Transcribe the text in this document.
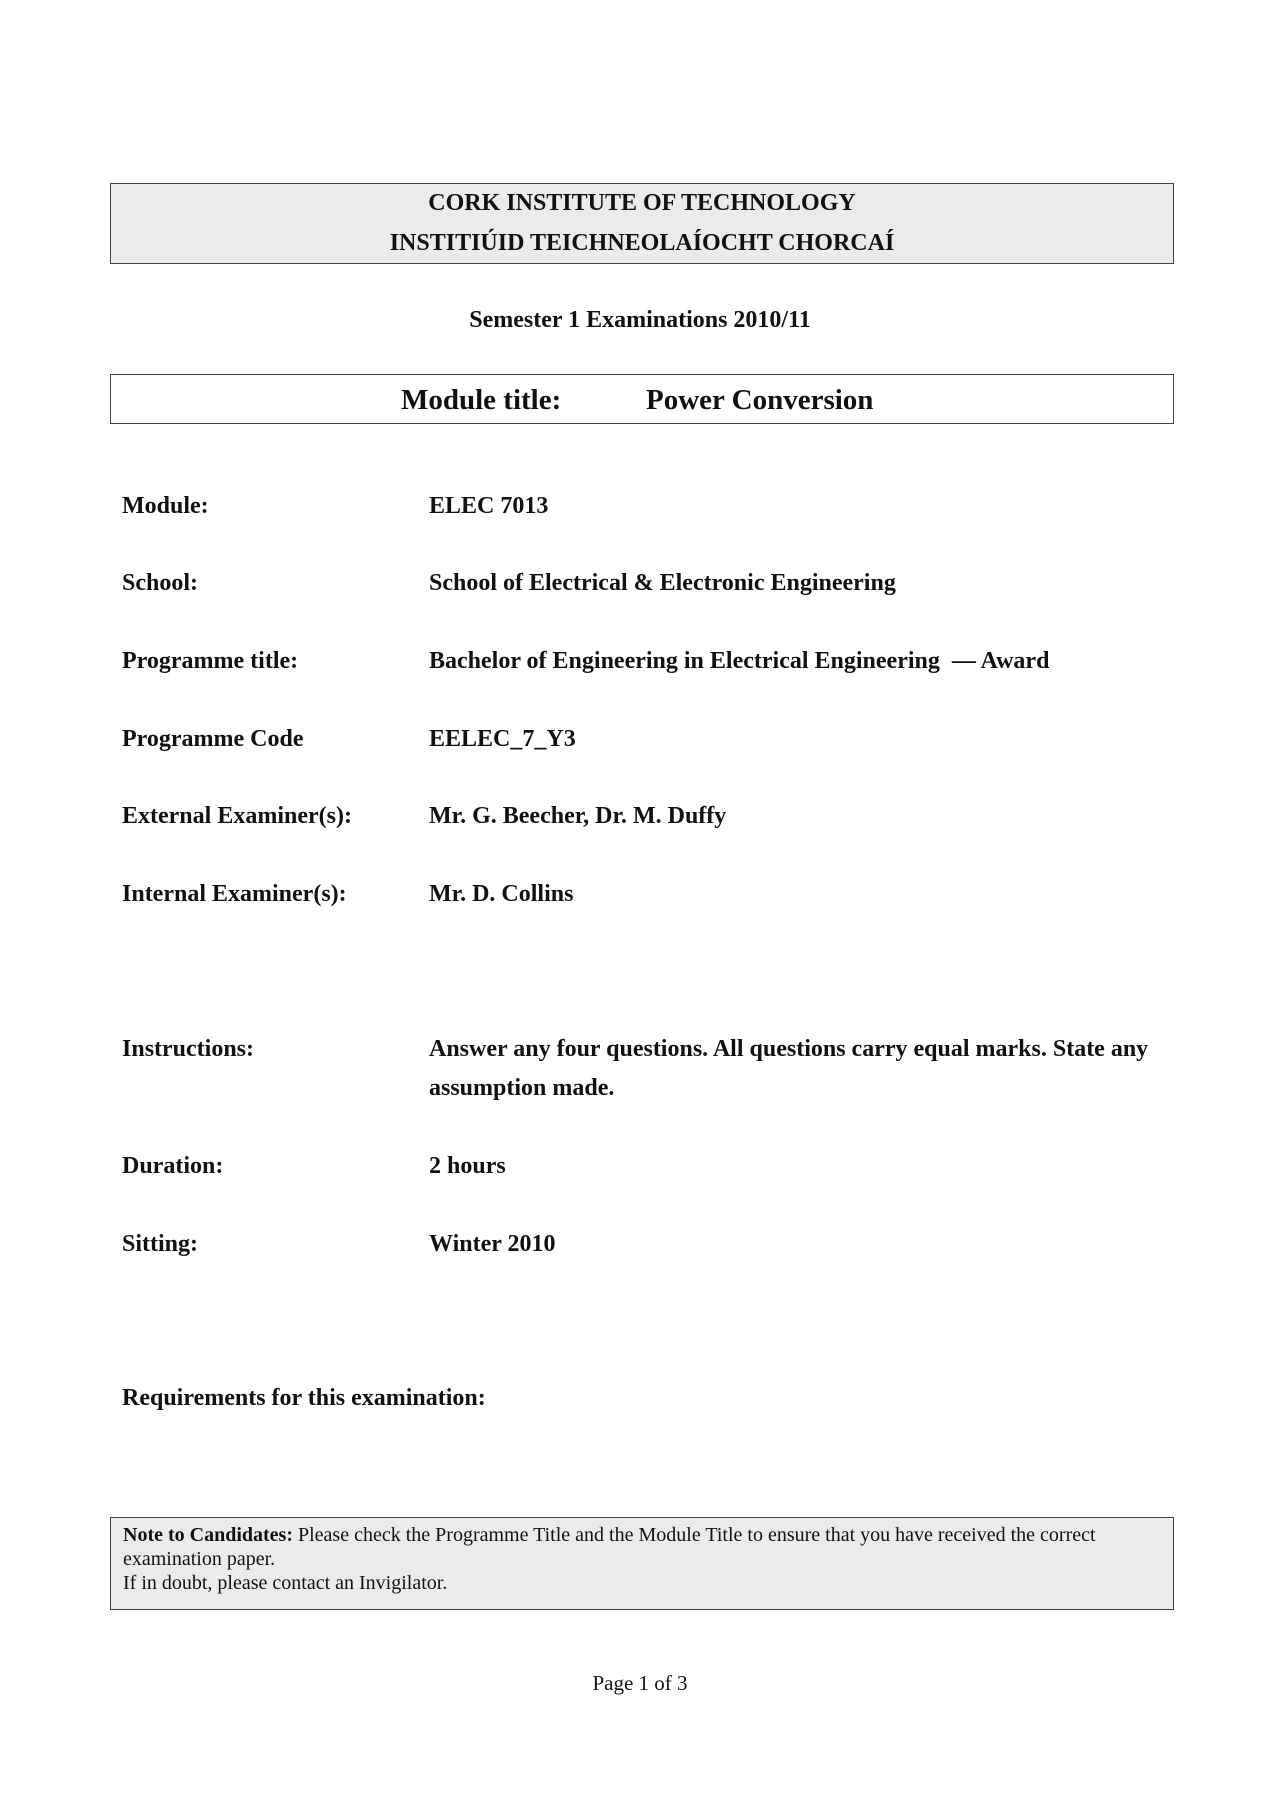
CORK INSTITUTE OF TECHNOLOGY
INSTITIÚID TEICHNEOLAÍOCHT CHORCAÍ
Semester 1 Examinations 2010/11
Module title:	Power Conversion
Module:	ELEC 7013
School:	School of Electrical & Electronic Engineering
Programme title:	Bachelor of Engineering in Electrical Engineering  — Award
Programme Code	EELEC_7_Y3
External Examiner(s):	Mr. G. Beecher, Dr. M. Duffy
Internal Examiner(s):	Mr. D. Collins
Instructions:	Answer any four questions. All questions carry equal marks. State any assumption made.
Duration:	2 hours
Sitting:	Winter 2010
Requirements for this examination:
Note to Candidates: Please check the Programme Title and the Module Title to ensure that you have received the correct examination paper.
If in doubt, please contact an Invigilator.
Page 1 of 3
